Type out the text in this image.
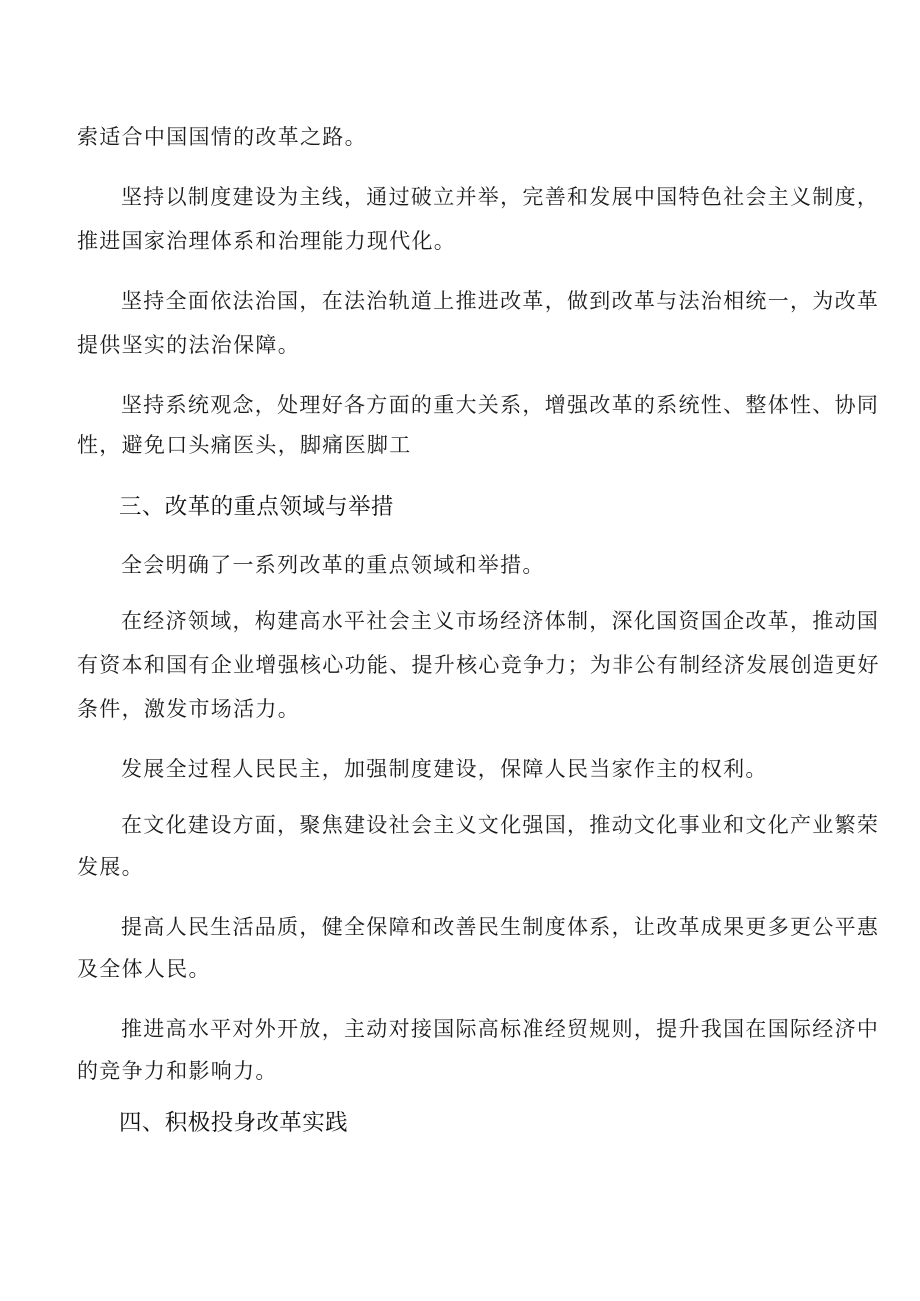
索适合中国国情的改革之路。
坚持以制度建设为主线，通过破立并举，完善和发展中国特色社会主义制度，
推进国家治理体系和治理能力现代化。
坚持全面依法治国，在法治轨道上推进改革，做到改革与法治相统一，为改革
提供坚实的法治保障。
坚持系统观念，处理好各方面的重大关系，增强改革的系统性、整体性、协同
性，避免口头痛医头，脚痛医脚工
三、改革的重点领域与举措
全会明确了一系列改革的重点领域和举措。
在经济领域，构建高水平社会主义市场经济体制，深化国资国企改革，推动国
有资本和国有企业增强核心功能、提升核心竞争力；为非公有制经济发展创造更好
条件，激发市场活力。
发展全过程人民民主，加强制度建设，保障人民当家作主的权利。
在文化建设方面，聚焦建设社会主义文化强国，推动文化事业和文化产业繁荣
发展。
提高人民生活品质，健全保障和改善民生制度体系，让改革成果更多更公平惠
及全体人民。
推进高水平对外开放，主动对接国际高标准经贸规则，提升我国在国际经济中
的竞争力和影响力。
四、积极投身改革实践
